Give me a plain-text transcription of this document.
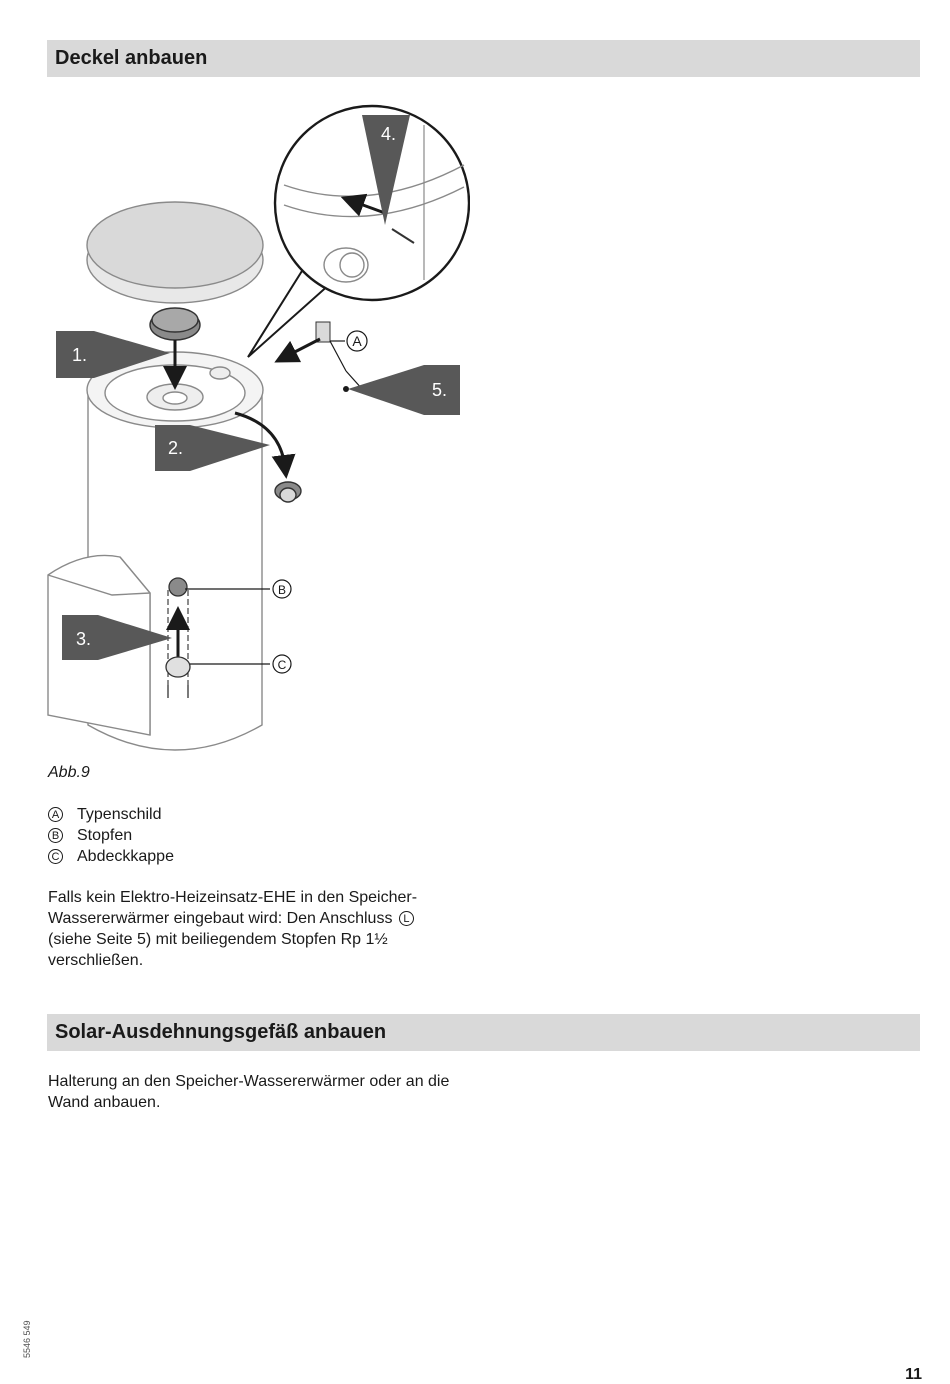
Deckel anbauen
1.
2.
3.
4.
5.
A
B
C
Abb.9
A Typenschild
B Stopfen
C Abdeckkappe
Falls kein Elektro-Heizeinsatz-EHE in den Speicher-Wassererwärmer eingebaut wird: Den Anschluss L (siehe Seite 5) mit beiliegendem Stopfen Rp 1½ verschließen.
Solar-Ausdehnungsgefäß anbauen
Halterung an den Speicher-Wassererwärmer oder an die Wand anbauen.
5546 549
11
